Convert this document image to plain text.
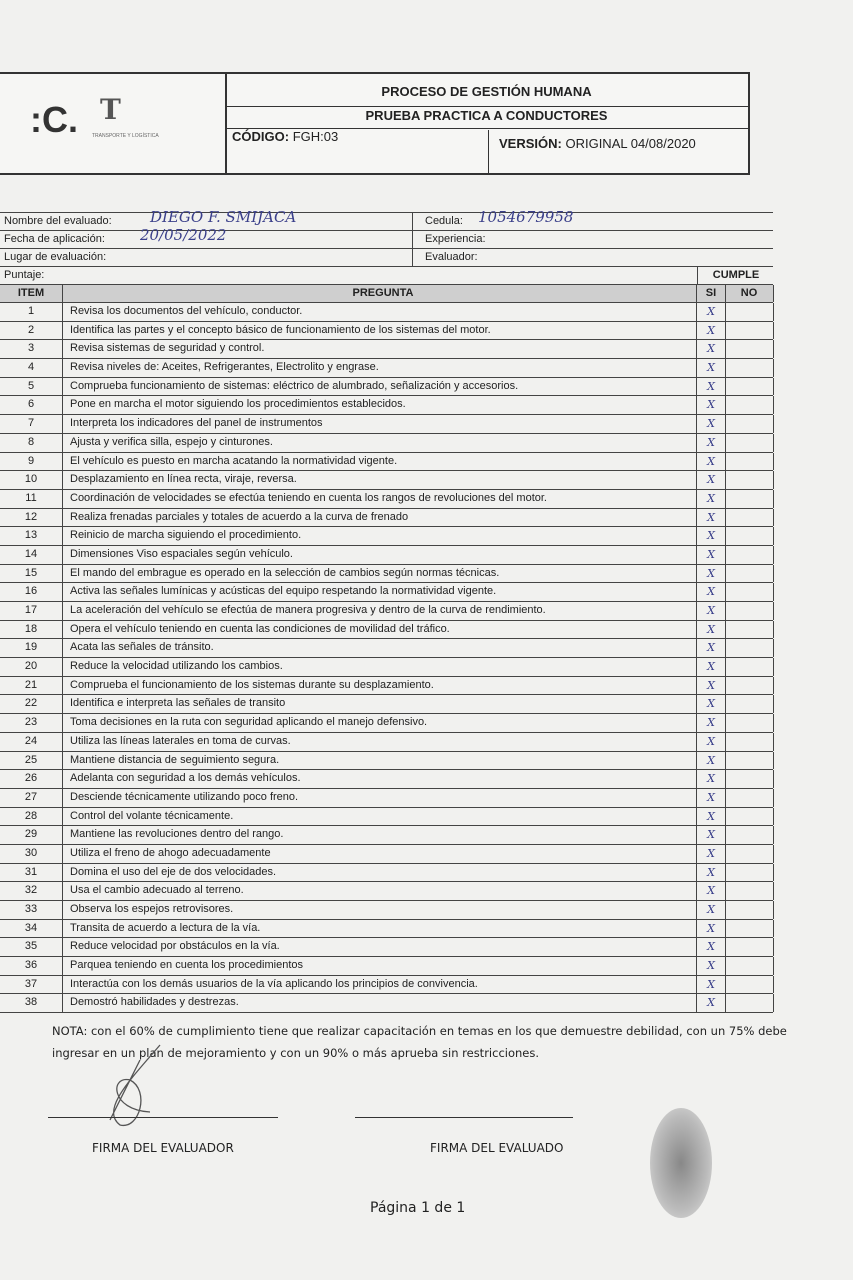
:C. T
TRANSPORTE Y LOGÍSTICA
PROCESO DE GESTIÓN HUMANA
PRUEBA PRACTICA A CONDUCTORES
CÓDIGO: FGH:03	VERSIÓN: ORIGINAL 04/08/2020
Nombre del evaluado:	DIEGO F. SMIJACA	Cedula: 1054679958
Fecha de aplicación: 20/05/2022	Experiencia:
Lugar de evaluación:	Evaluador:
Puntaje:	CUMPLE
ITEM	PREGUNTA	SI	NO
1	Revisa los documentos del vehículo, conductor.	X
2	Identifica las partes y el concepto básico de funcionamiento de los sistemas del motor.	X
3	Revisa sistemas de seguridad y control.	X
4	Revisa niveles de: Aceites, Refrigerantes, Electrolito y engrase.	X
5	Comprueba funcionamiento de sistemas: eléctrico de alumbrado, señalización y accesorios.	X
6	Pone en marcha el motor siguiendo los procedimientos establecidos.	X
7	Interpreta los indicadores del panel de instrumentos	X
8	Ajusta y verifica silla, espejo y cinturones.	X
9	El vehículo es puesto en marcha acatando la normatividad vigente.	X
10	Desplazamiento en línea recta, viraje, reversa.	X
11	Coordinación de velocidades se efectúa teniendo en cuenta los rangos de revoluciones del motor.	X
12	Realiza frenadas parciales y totales de acuerdo a la curva de frenado	X
13	Reinicio de marcha siguiendo el procedimiento.	X
14	Dimensiones Viso espaciales según vehículo.	X
15	El mando del embrague es operado en la selección de cambios según normas técnicas.	X
16	Activa las señales lumínicas y acústicas del equipo respetando la normatividad vigente.	X
17	La aceleración del vehículo se efectúa de manera progresiva y dentro de la curva de rendimiento.	X
18	Opera el vehículo teniendo en cuenta las condiciones de movilidad del tráfico.	X
19	Acata las señales de tránsito.	X
20	Reduce la velocidad utilizando los cambios.	X
21	Comprueba el funcionamiento de los sistemas durante su desplazamiento.	X
22	Identifica e interpreta las señales de transito	X
23	Toma decisiones en la ruta con seguridad aplicando el manejo defensivo.	X
24	Utiliza las líneas laterales en toma de curvas.	X
25	Mantiene distancia de seguimiento segura.	X
26	Adelanta con seguridad a los demás vehículos.	X
27	Desciende técnicamente utilizando poco freno.	X
28	Control del volante técnicamente.	X
29	Mantiene las revoluciones dentro del rango.	X
30	Utiliza el freno de ahogo adecuadamente	X
31	Domina el uso del eje de dos velocidades.	X
32	Usa el cambio adecuado al terreno.	X
33	Observa los espejos retrovisores.	X
34	Transita de acuerdo a lectura de la vía.	X
35	Reduce velocidad por obstáculos en la vía.	X
36	Parquea teniendo en cuenta los procedimientos	X
37	Interactúa con los demás usuarios de la vía aplicando los principios de convivencia.	X
38	Demostró habilidades y destrezas.	X
NOTA: con el 60% de cumplimiento tiene que realizar capacitación en temas en los que demuestre debilidad, con un 75% debe ingresar en un plan de mejoramiento y con un 90% o más aprueba sin restricciones.
FIRMA DEL EVALUADOR	FIRMA DEL EVALUADO
Página 1 de 1
